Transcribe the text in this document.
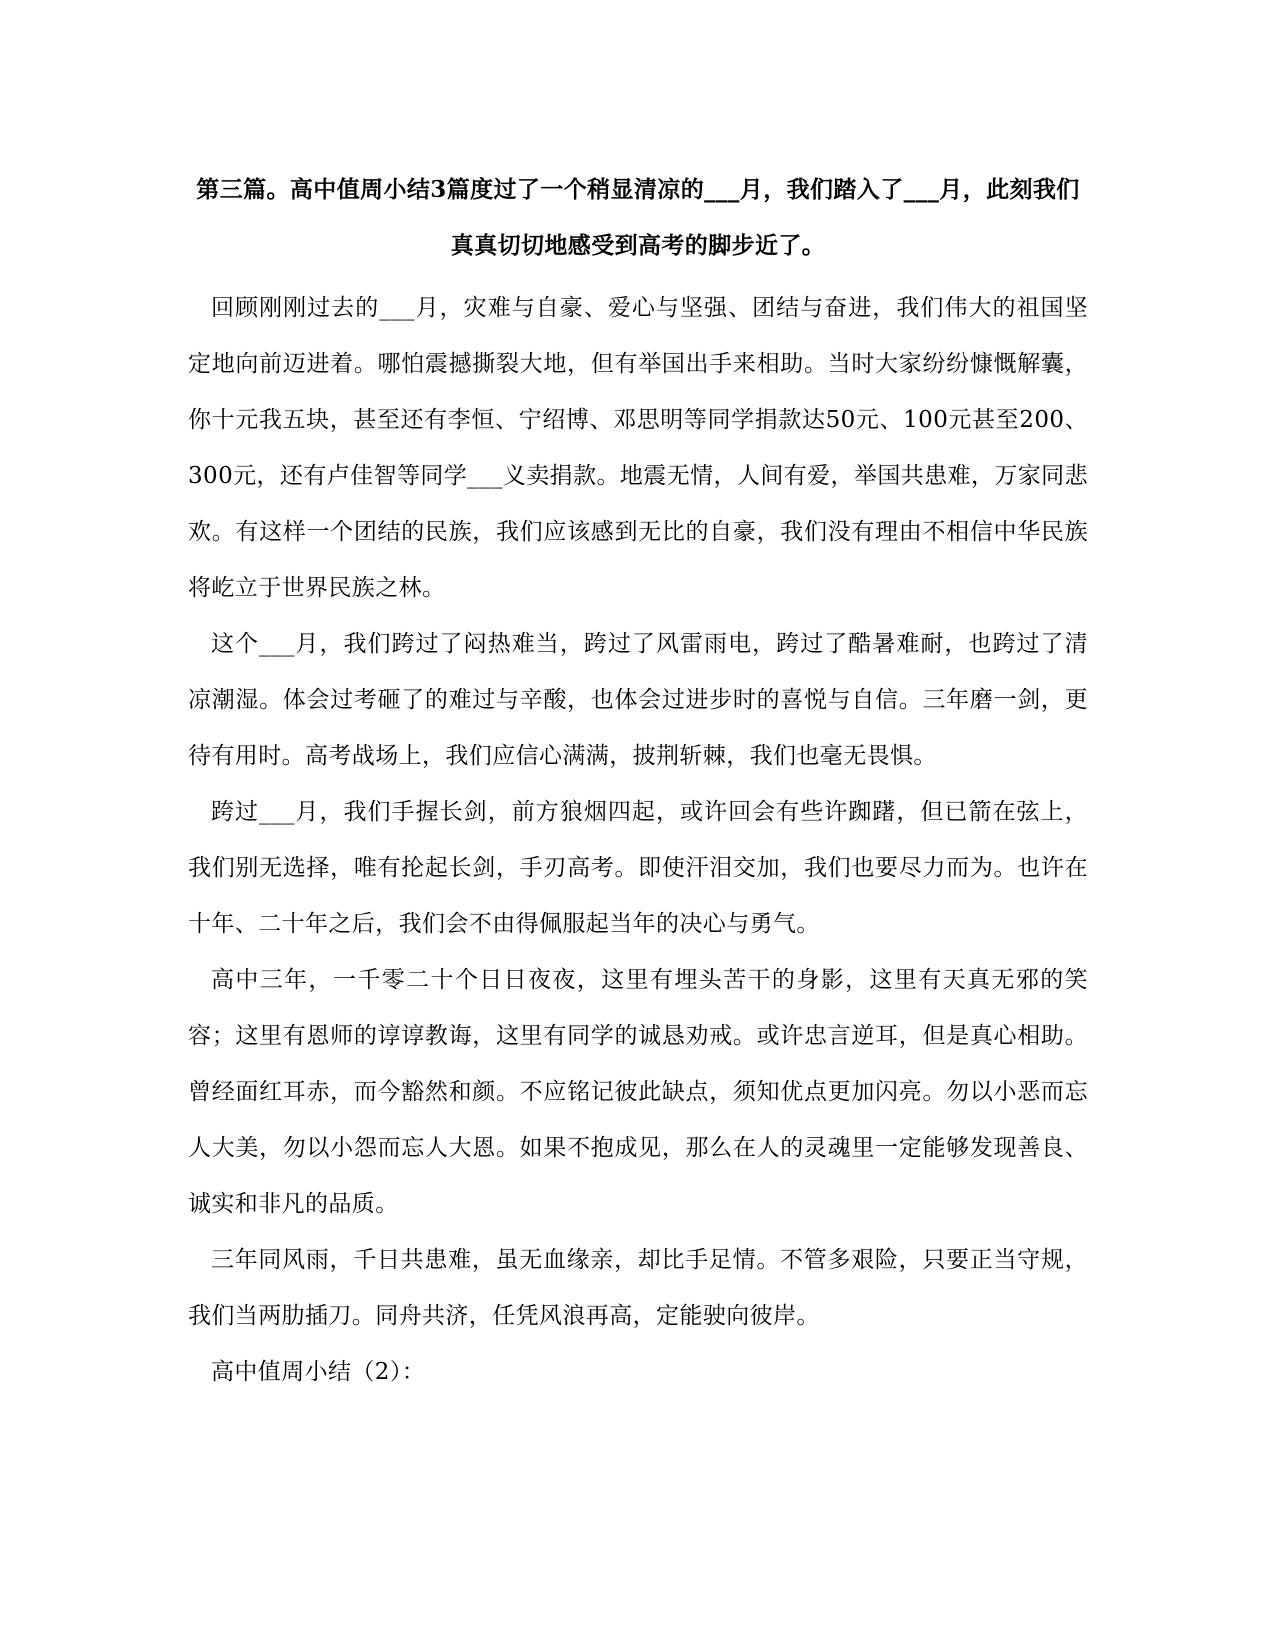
第三篇。高中值周小结3篇度过了一个稍显清凉的___月，我们踏入了___月，此刻我们真真切切地感受到高考的脚步近了。

回顾刚刚过去的___月，灾难与自豪、爱心与坚强、团结与奋进，我们伟大的祖国坚定地向前迈进着。哪怕震撼撕裂大地，但有举国出手来相助。当时大家纷纷慷慨解囊，你十元我五块，甚至还有李恒、宁绍博、邓思明等同学捐款达50元、100元甚至200、300元，还有卢佳智等同学___义卖捐款。地震无情，人间有爱，举国共患难，万家同悲欢。有这样一个团结的民族，我们应该感到无比的自豪，我们没有理由不相信中华民族将屹立于世界民族之林。

这个___月，我们跨过了闷热难当，跨过了风雷雨电，跨过了酷暑难耐，也跨过了清凉潮湿。体会过考砸了的难过与辛酸，也体会过进步时的喜悦与自信。三年磨一剑，更待有用时。高考战场上，我们应信心满满，披荆斩棘，我们也毫无畏惧。

跨过___月，我们手握长剑，前方狼烟四起，或许回会有些许踟躇，但已箭在弦上，我们别无选择，唯有抡起长剑，手刃高考。即使汗泪交加，我们也要尽力而为。也许在十年、二十年之后，我们会不由得佩服起当年的决心与勇气。

高中三年，一千零二十个日日夜夜，这里有埋头苦干的身影，这里有天真无邪的笑容；这里有恩师的谆谆教诲，这里有同学的诚恳劝戒。或许忠言逆耳，但是真心相助。曾经面红耳赤，而今豁然和颜。不应铭记彼此缺点，须知优点更加闪亮。勿以小恶而忘人大美，勿以小怨而忘人大恩。如果不抱成见，那么在人的灵魂里一定能够发现善良、诚实和非凡的品质。

三年同风雨，千日共患难，虽无血缘亲，却比手足情。不管多艰险，只要正当守规，我们当两肋插刀。同舟共济，任凭风浪再高，定能驶向彼岸。

高中值周小结（2）：
